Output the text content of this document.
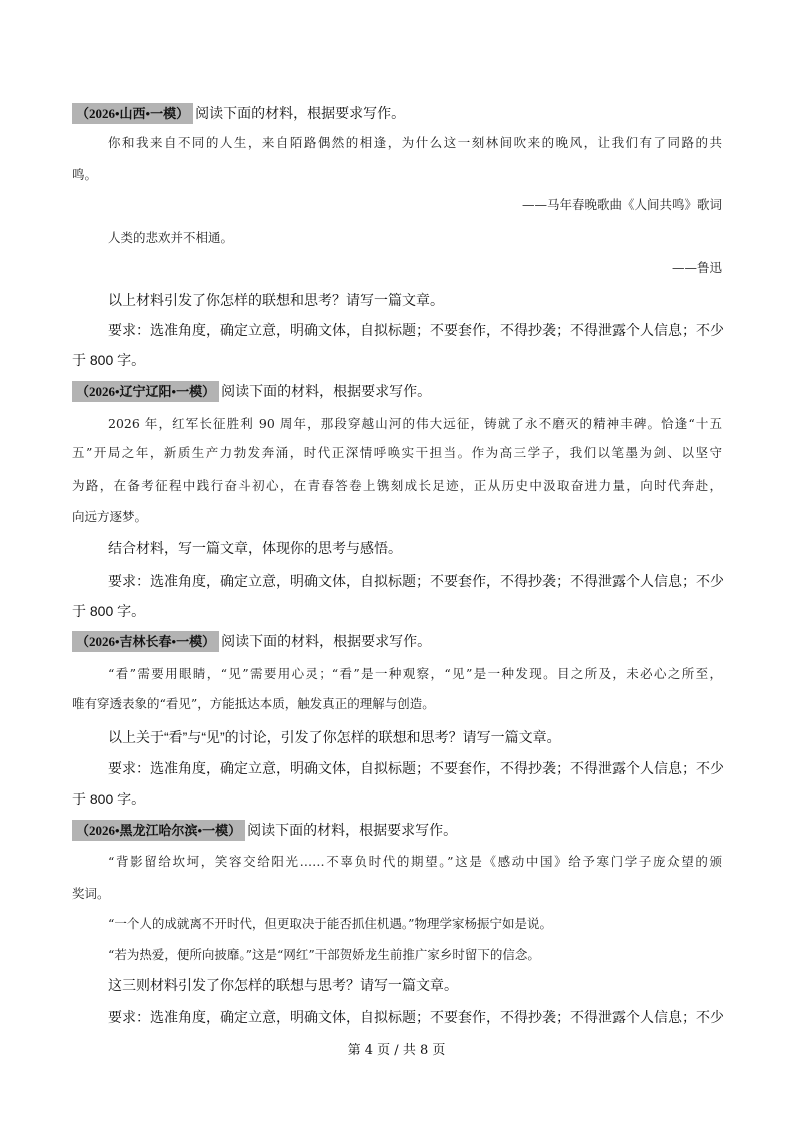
（2026•山西•一模） 阅读下面的材料，根据要求写作。
你和我来自不同的人生，来自陌路偶然的相逢，为什么这一刻林间吹来的晚风，让我们有了同路的共
鸣。
——马年春晚歌曲《人间共鸣》歌词
人类的悲欢并不相通。
——鲁迅
以上材料引发了你怎样的联想和思考？请写一篇文章。
要求：选准角度，确定立意，明确文体，自拟标题；不要套作，不得抄袭；不得泄露个人信息；不少
于 800 字。
（2026•辽宁辽阳•一模） 阅读下面的材料，根据要求写作。
2026 年，红军长征胜利 90 周年，那段穿越山河的伟大远征，铸就了永不磨灭的精神丰碑。恰逢“十五
五”开局之年，新质生产力勃发奔涌，时代正深情呼唤实干担当。作为高三学子，我们以笔墨为剑、以坚守
为路，在备考征程中践行奋斗初心，在青春答卷上镌刻成长足迹，正从历史中汲取奋进力量，向时代奔赴，
向远方逐梦。
结合材料，写一篇文章，体现你的思考与感悟。
要求：选准角度，确定立意，明确文体，自拟标题；不要套作，不得抄袭；不得泄露个人信息；不少
于 800 字。
（2026•吉林长春•一模） 阅读下面的材料，根据要求写作。
“看”需要用眼睛，“见”需要用心灵；“看”是一种观察，“见”是一种发现。目之所及，未必心之所至，
唯有穿透表象的“看见”，方能抵达本质，触发真正的理解与创造。
以上关于“看”与“见”的讨论，引发了你怎样的联想和思考？请写一篇文章。
要求：选准角度，确定立意，明确文体，自拟标题；不要套作，不得抄袭；不得泄露个人信息；不少
于 800 字。
（2026•黑龙江哈尔滨•一模） 阅读下面的材料，根据要求写作。
“背影留给坎坷，笑容交给阳光……不辜负时代的期望。”这是《感动中国》给予寒门学子庞众望的颁
奖词。
“一个人的成就离不开时代，但更取决于能否抓住机遇。”物理学家杨振宁如是说。
“若为热爱，便所向披靡。”这是“网红”干部贺娇龙生前推广家乡时留下的信念。
这三则材料引发了你怎样的联想与思考？请写一篇文章。
要求：选准角度，确定立意，明确文体，自拟标题；不要套作，不得抄袭；不得泄露个人信息；不少
第 4 页 / 共 8 页
